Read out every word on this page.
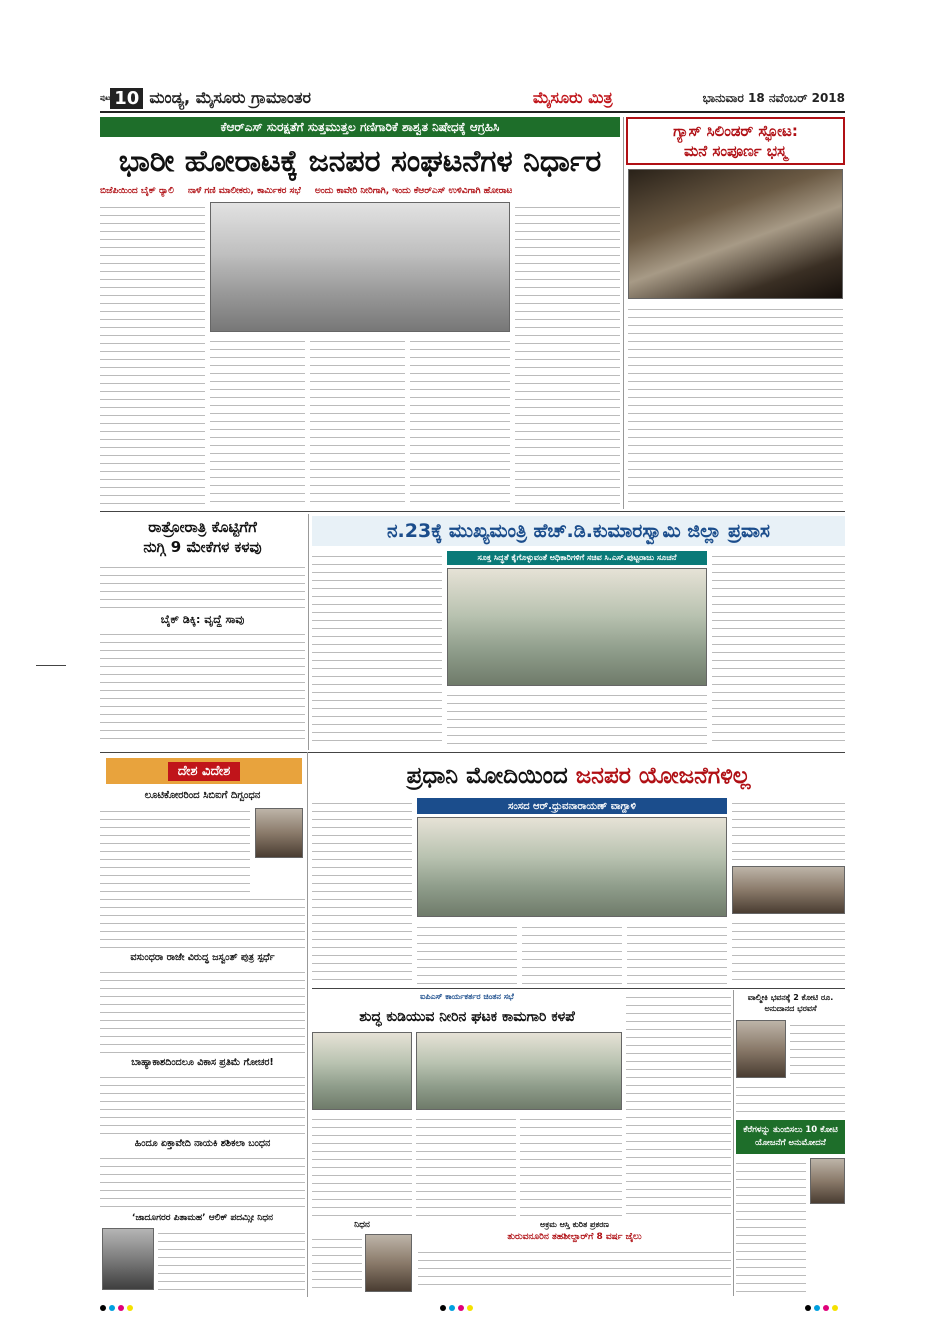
ಪುಟ 10 ಮಂಡ್ಯ, ಮೈಸೂರು ಗ್ರಾಮಾಂತರ	ಮೈಸೂರು ಮಿತ್ರ	ಭಾನುವಾರ 18 ನವೆಂಬರ್ 2018
ಕೆಆರ್‌ಎಸ್ ಸುರಕ್ಷತೆಗೆ ಸುತ್ತಮುತ್ತಲ ಗಣಿಗಾರಿಕೆ ಶಾಶ್ವತ ನಿಷೇಧಕ್ಕೆ ಆಗ್ರಹಿಸಿ
ಭಾರೀ ಹೋರಾಟಕ್ಕೆ ಜನಪರ ಸಂಘಟನೆಗಳ ನಿರ್ಧಾರ
ಬಿಜೆಪಿಯಿಂದ ಬೈಕ್ ರ‍್ಯಾಲಿ ನಾಳೆ ಗಣಿ ಮಾಲೀಕರು, ಕಾರ್ಮಿಕರ ಸಭೆ ಅಂದು ಕಾವೇರಿ ನೀರಿಗಾಗಿ, ಇಂದು ಕೆಆರ್‌ಎಸ್ ಉಳಿವಿಗಾಗಿ ಹೋರಾಟ
ಗ್ಯಾಸ್ ಸಿಲಿಂಡರ್ ಸ್ಫೋಟ:
ಮನೆ ಸಂಪೂರ್ಣ ಭಸ್ಮ
ರಾತ್ರೋರಾತ್ರಿ ಕೊಟ್ಟಿಗೆಗೆ
ನುಗ್ಗಿ 9 ಮೇಕೆಗಳ ಕಳವು
ಬೈಕ್ ಡಿಕ್ಕಿ: ವೃದ್ಧೆ ಸಾವು
ನ.23ಕ್ಕೆ ಮುಖ್ಯಮಂತ್ರಿ ಹೆಚ್.ಡಿ.ಕುಮಾರಸ್ವಾಮಿ ಜಿಲ್ಲಾ ಪ್ರವಾಸ
ಸೂಕ್ತ ಸಿದ್ಧತೆ ಕೈಗೊಳ್ಳುವಂತೆ ಅಧಿಕಾರಿಗಳಿಗೆ ಸಚಿವ ಸಿ.ಎಸ್.ಪುಟ್ಟರಾಜು ಸೂಚನೆ
ದೇಶ ವಿದೇಶ
ಲೂಟಿಕೋರರಿಂದ ಸಿಬಿಐಗೆ ದಿಗ್ಬಂಧನ
ವಸುಂಧರಾ ರಾಜೇ ವಿರುದ್ಧ ಜಸ್ವಂತ್ ಪುತ್ರ ಸ್ಪರ್ಧೆ
ಬಾಹ್ಯಾಕಾಶದಿಂದಲೂ ವಿಕಾಸ ಪ್ರತಿಮೆ ಗೋಚರ!
ಹಿಂದೂ ಏಕ್ತಾವೇದಿ ನಾಯಕಿ ಶಶಿಕಲಾ ಬಂಧನ
‘ಜಾದೂಗರರ ಪಿತಾಮಹ’ ಆಲಿಕ್ ಪದಮ್ಸೀ ನಿಧನ
ಪ್ರಧಾನಿ ಮೋದಿಯಿಂದ ಜನಪರ ಯೋಜನೆಗಳಿಲ್ಲ
ಸಂಸದ ಆರ್.ಧ್ರುವನಾರಾಯಣ್ ವಾಗ್ದಾಳಿ
ಐಪಿಎಸ್ ಕಾರ್ಯಕರ್ತರ ಚಿಂತನ ಸಭೆ
ಶುದ್ಧ ಕುಡಿಯುವ ನೀರಿನ ಘಟಕ ಕಾಮಗಾರಿ ಕಳಪೆ
ನಿಧನ	ಅಕ್ರಮ ಆಸ್ತಿ ಕುರಿತ ಪ್ರಕರಣ
ತುರುವನೂರಿನ ತಹಶೀಲ್ದಾರ್‌ಗೆ 8 ವರ್ಷ ಜೈಲು
ವಾಲ್ಮೀಕಿ ಭವನಕ್ಕೆ 2 ಕೋಟಿ ರೂ. ಅನುದಾನದ ಭರವಸೆ
ಕೆರೆಗಳನ್ನು ತುಂಬಿಸಲು 10 ಕೋಟಿ
ಯೋಜನೆಗೆ ಅನುಮೋದನೆ
